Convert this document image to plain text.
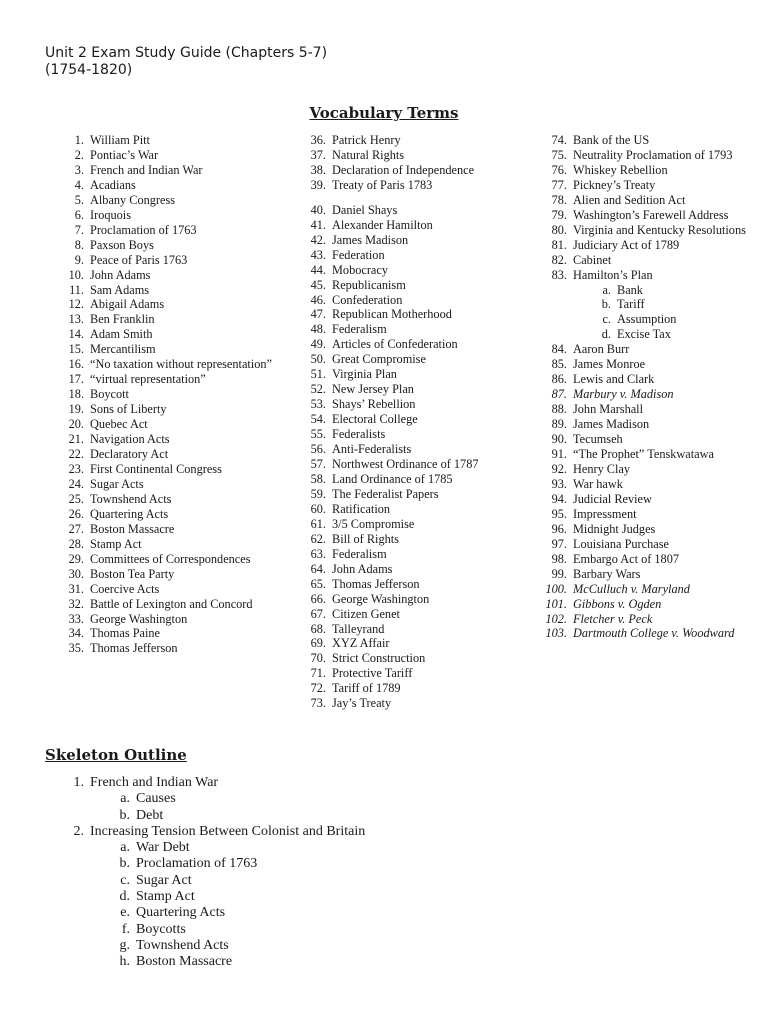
Unit 2 Exam Study Guide (Chapters 5-7)
(1754-1820)
Vocabulary Terms
1. William Pitt
2. Pontiac’s War
3. French and Indian War
4. Acadians
5. Albany Congress
6. Iroquois
7. Proclamation of 1763
8. Paxson Boys
9. Peace of Paris 1763
10. John Adams
11. Sam Adams
12. Abigail Adams
13. Ben Franklin
14. Adam Smith
15. Mercantilism
16. “No taxation without representation”
17. “virtual representation”
18. Boycott
19. Sons of Liberty
20. Quebec Act
21. Navigation Acts
22. Declaratory Act
23. First Continental Congress
24. Sugar Acts
25. Townshend Acts
26. Quartering Acts
27. Boston Massacre
28. Stamp Act
29. Committees of Correspondences
30. Boston Tea Party
31. Coercive Acts
32. Battle of Lexington and Concord
33. George Washington
34. Thomas Paine
35. Thomas Jefferson
36. Patrick Henry
37. Natural Rights
38. Declaration of Independence
39. Treaty of Paris 1783
40. Daniel Shays
41. Alexander Hamilton
42. James Madison
43. Federation
44. Mobocracy
45. Republicanism
46. Confederation
47. Republican Motherhood
48. Federalism
49. Articles of Confederation
50. Great Compromise
51. Virginia Plan
52. New Jersey Plan
53. Shays’ Rebellion
54. Electoral College
55. Federalists
56. Anti-Federalists
57. Northwest Ordinance of 1787
58. Land Ordinance of 1785
59. The Federalist Papers
60. Ratification
61. 3/5 Compromise
62. Bill of Rights
63. Federalism
64. John Adams
65. Thomas Jefferson
66. George Washington
67. Citizen Genet
68. Talleyrand
69. XYZ Affair
70. Strict Construction
71. Protective Tariff
72. Tariff of 1789
73. Jay’s Treaty
74. Bank of the US
75. Neutrality Proclamation of 1793
76. Whiskey Rebellion
77. Pickney’s Treaty
78. Alien and Sedition Act
79. Washington’s Farewell Address
80. Virginia and Kentucky Resolutions
81. Judiciary Act of 1789
82. Cabinet
83. Hamilton’s Plan
a. Bank
b. Tariff
c. Assumption
d. Excise Tax
84. Aaron Burr
85. James Monroe
86. Lewis and Clark
87. Marbury v. Madison
88. John Marshall
89. James Madison
90. Tecumseh
91. “The Prophet” Tenskwatawa
92. Henry Clay
93. War hawk
94. Judicial Review
95. Impressment
96. Midnight Judges
97. Louisiana Purchase
98. Embargo Act of 1807
99. Barbary Wars
100. McCulluch v. Maryland
101. Gibbons v. Ogden
102. Fletcher v. Peck
103. Dartmouth College v. Woodward
Skeleton Outline
1. French and Indian War
a. Causes
b. Debt
2. Increasing Tension Between Colonist and Britain
a. War Debt
b. Proclamation of 1763
c. Sugar Act
d. Stamp Act
e. Quartering Acts
f. Boycotts
g. Townshend Acts
h. Boston Massacre
